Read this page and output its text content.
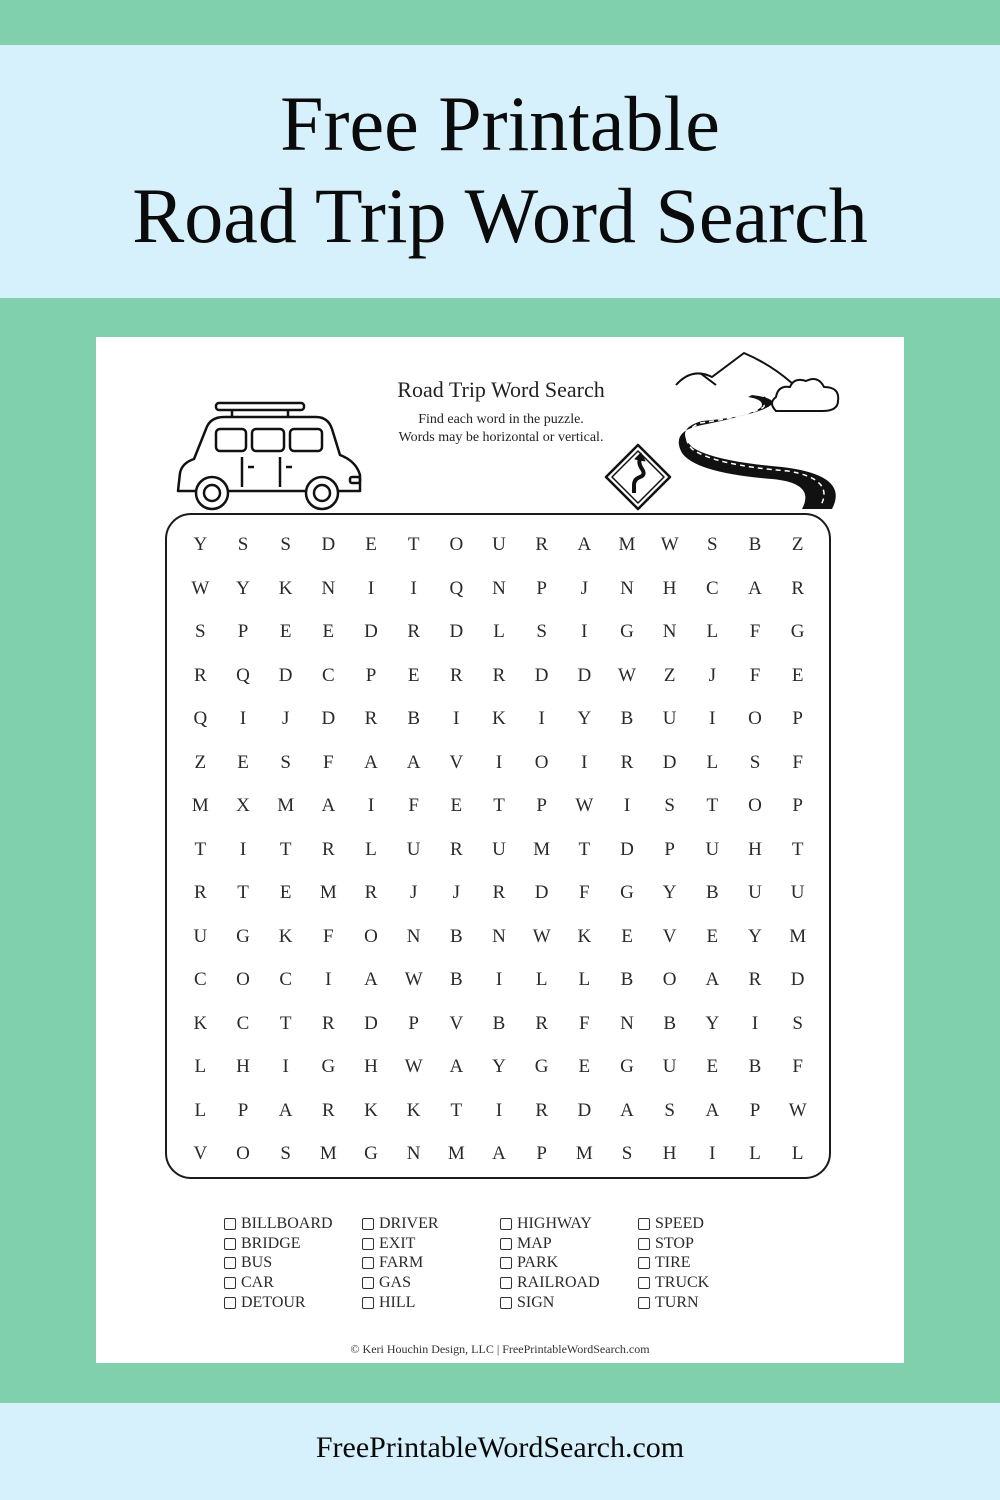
Free Printable
Road Trip Word Search
Road Trip Word Search
Find each word in the puzzle.
Words may be horizontal or vertical.
Y	S	S	D	E	T	O	U	R	A	M	W	S	B	Z
W	Y	K	N	I	I	Q	N	P	J	N	H	C	A	R
S	P	E	E	D	R	D	L	S	I	G	N	L	F	G
R	Q	D	C	P	E	R	R	D	D	W	Z	J	F	E
Q	I	J	D	R	B	I	K	I	Y	B	U	I	O	P
Z	E	S	F	A	A	V	I	O	I	R	D	L	S	F
M	X	M	A	I	F	E	T	P	W	I	S	T	O	P
T	I	T	R	L	U	R	U	M	T	D	P	U	H	T
R	T	E	M	R	J	J	R	D	F	G	Y	B	U	U
U	G	K	F	O	N	B	N	W	K	E	V	E	Y	M
C	O	C	I	A	W	B	I	L	L	B	O	A	R	D
K	C	T	R	D	P	V	B	R	F	N	B	Y	I	S
L	H	I	G	H	W	A	Y	G	E	G	U	E	B	F
L	P	A	R	K	K	T	I	R	D	A	S	A	P	W
V	O	S	M	G	N	M	A	P	M	S	H	I	L	L
BILLBOARD
BRIDGE
BUS
CAR
DETOUR
DRIVER
EXIT
FARM
GAS
HILL
HIGHWAY
MAP
PARK
RAILROAD
SIGN
SPEED
STOP
TIRE
TRUCK
TURN
© Keri Houchin Design, LLC | FreePrintableWordSearch.com
FreePrintableWordSearch.com
